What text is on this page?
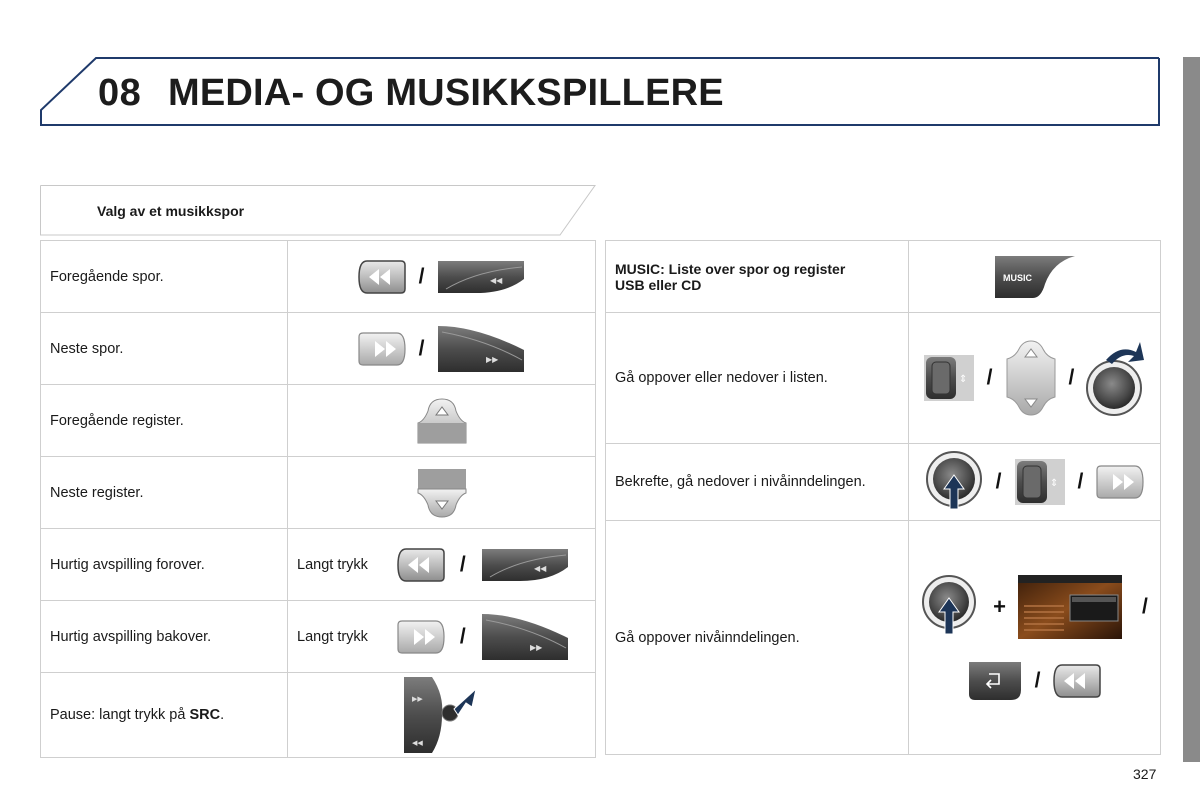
08 MEDIA- OG MUSIKKSPILLERE
Valg av et musikkspor
Foregående spor.	/ ◀◀

Neste spor.	/ ▶▶

Foregående register.	

Neste register.	

Hurtig avspilling forover.	Langt trykk / ◀◀

Hurtig avspilling bakover.	Langt trykk / ▶▶

Pause: langt trykk på SRC.	▶▶
◀◀
MUSIC: Liste over spor og register
USB eller CD	MUSIC

Gå oppover eller nedover i listen.	⇕ / /

Bekrefte, gå nedover i nivåinndelingen.	/ ⇕ /

Gå oppover nivåinndelingen.	+ /
/
327
